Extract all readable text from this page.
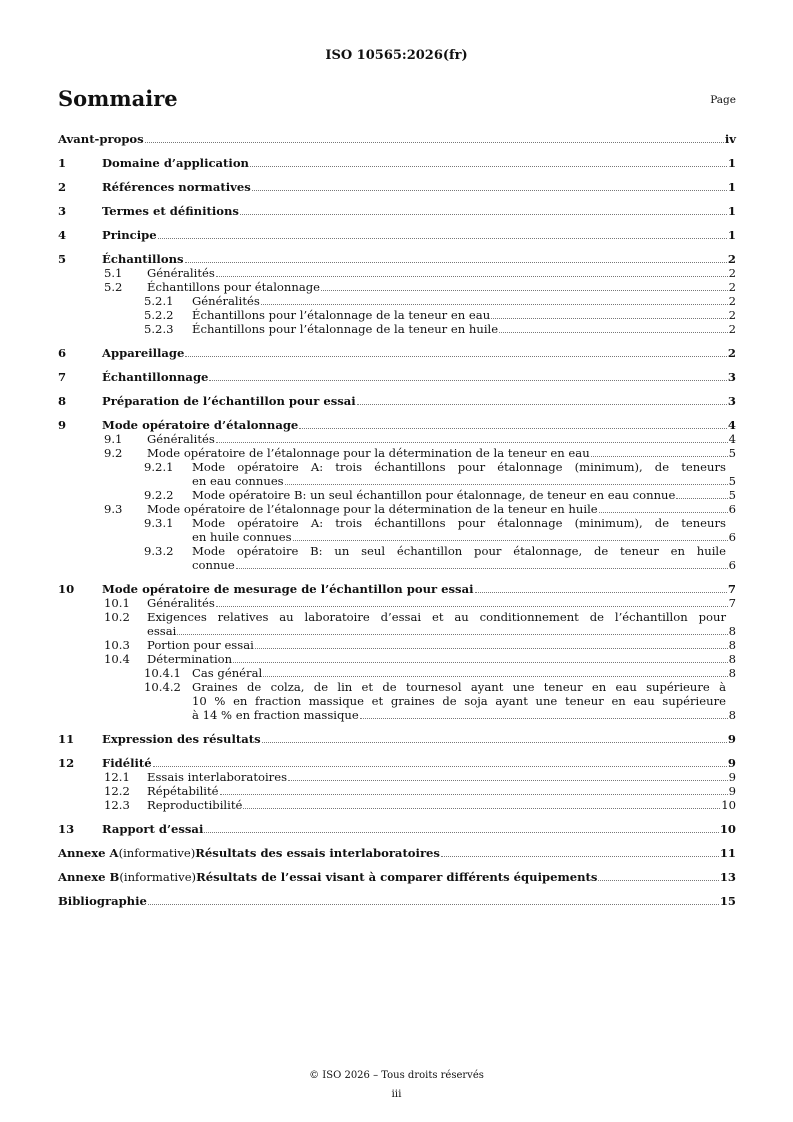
ISO 10565:2026(fr)
Sommaire	Page
Avant-propos	iv
1	Domaine d’application	1
2	Références normatives	1
3	Termes et définitions	1
4	Principe	1
5	Échantillons	2
5.1 Généralités	2
5.2 Échantillons pour étalonnage	2
5.2.1 Généralités	2
5.2.2 Échantillons pour l’étalonnage de la teneur en eau	2
5.2.3 Échantillons pour l’étalonnage de la teneur en huile	2
6	Appareillage	2
7	Échantillonnage	3
8	Préparation de l’échantillon pour essai	3
9	Mode opératoire d’étalonnage	4
9.1 Généralités	4
9.2 Mode opératoire de l’étalonnage pour la détermination de la teneur en eau	5
9.2.1 Mode opératoire A: trois échantillons pour étalonnage (minimum), de teneurs
en eau connues	5
9.2.2 Mode opératoire B: un seul échantillon pour étalonnage, de teneur en eau connue	5
9.3 Mode opératoire de l’étalonnage pour la détermination de la teneur en huile	6
9.3.1 Mode opératoire A: trois échantillons pour étalonnage (minimum), de teneurs
en huile connues	6
9.3.2 Mode opératoire B: un seul échantillon pour étalonnage, de teneur en huile
connue	6
10 Mode opératoire de mesurage de l’échantillon pour essai	7
10.1 Généralités	7
10.2 Exigences relatives au laboratoire d’essai et au conditionnement de l’échantillon pour
essai	8
10.3 Portion pour essai	8
10.4 Détermination	8
10.4.1 Cas général	8
10.4.2 Graines de colza, de lin et de tournesol ayant une teneur en eau supérieure à
10 % en fraction massique et graines de soja ayant une teneur en eau supérieure
à 14 % en fraction massique	8
11 Expression des résultats	9
12 Fidélité	9
12.1 Essais interlaboratoires	9
12.2 Répétabilité	9
12.3 Reproductibilité	10
13 Rapport d’essai	10
Annexe A (informative) Résultats des essais interlaboratoires	11
Annexe B (informative) Résultats de l’essai visant à comparer différents équipements	13
Bibliographie	15
© ISO 2026 – Tous droits réservés
iii
